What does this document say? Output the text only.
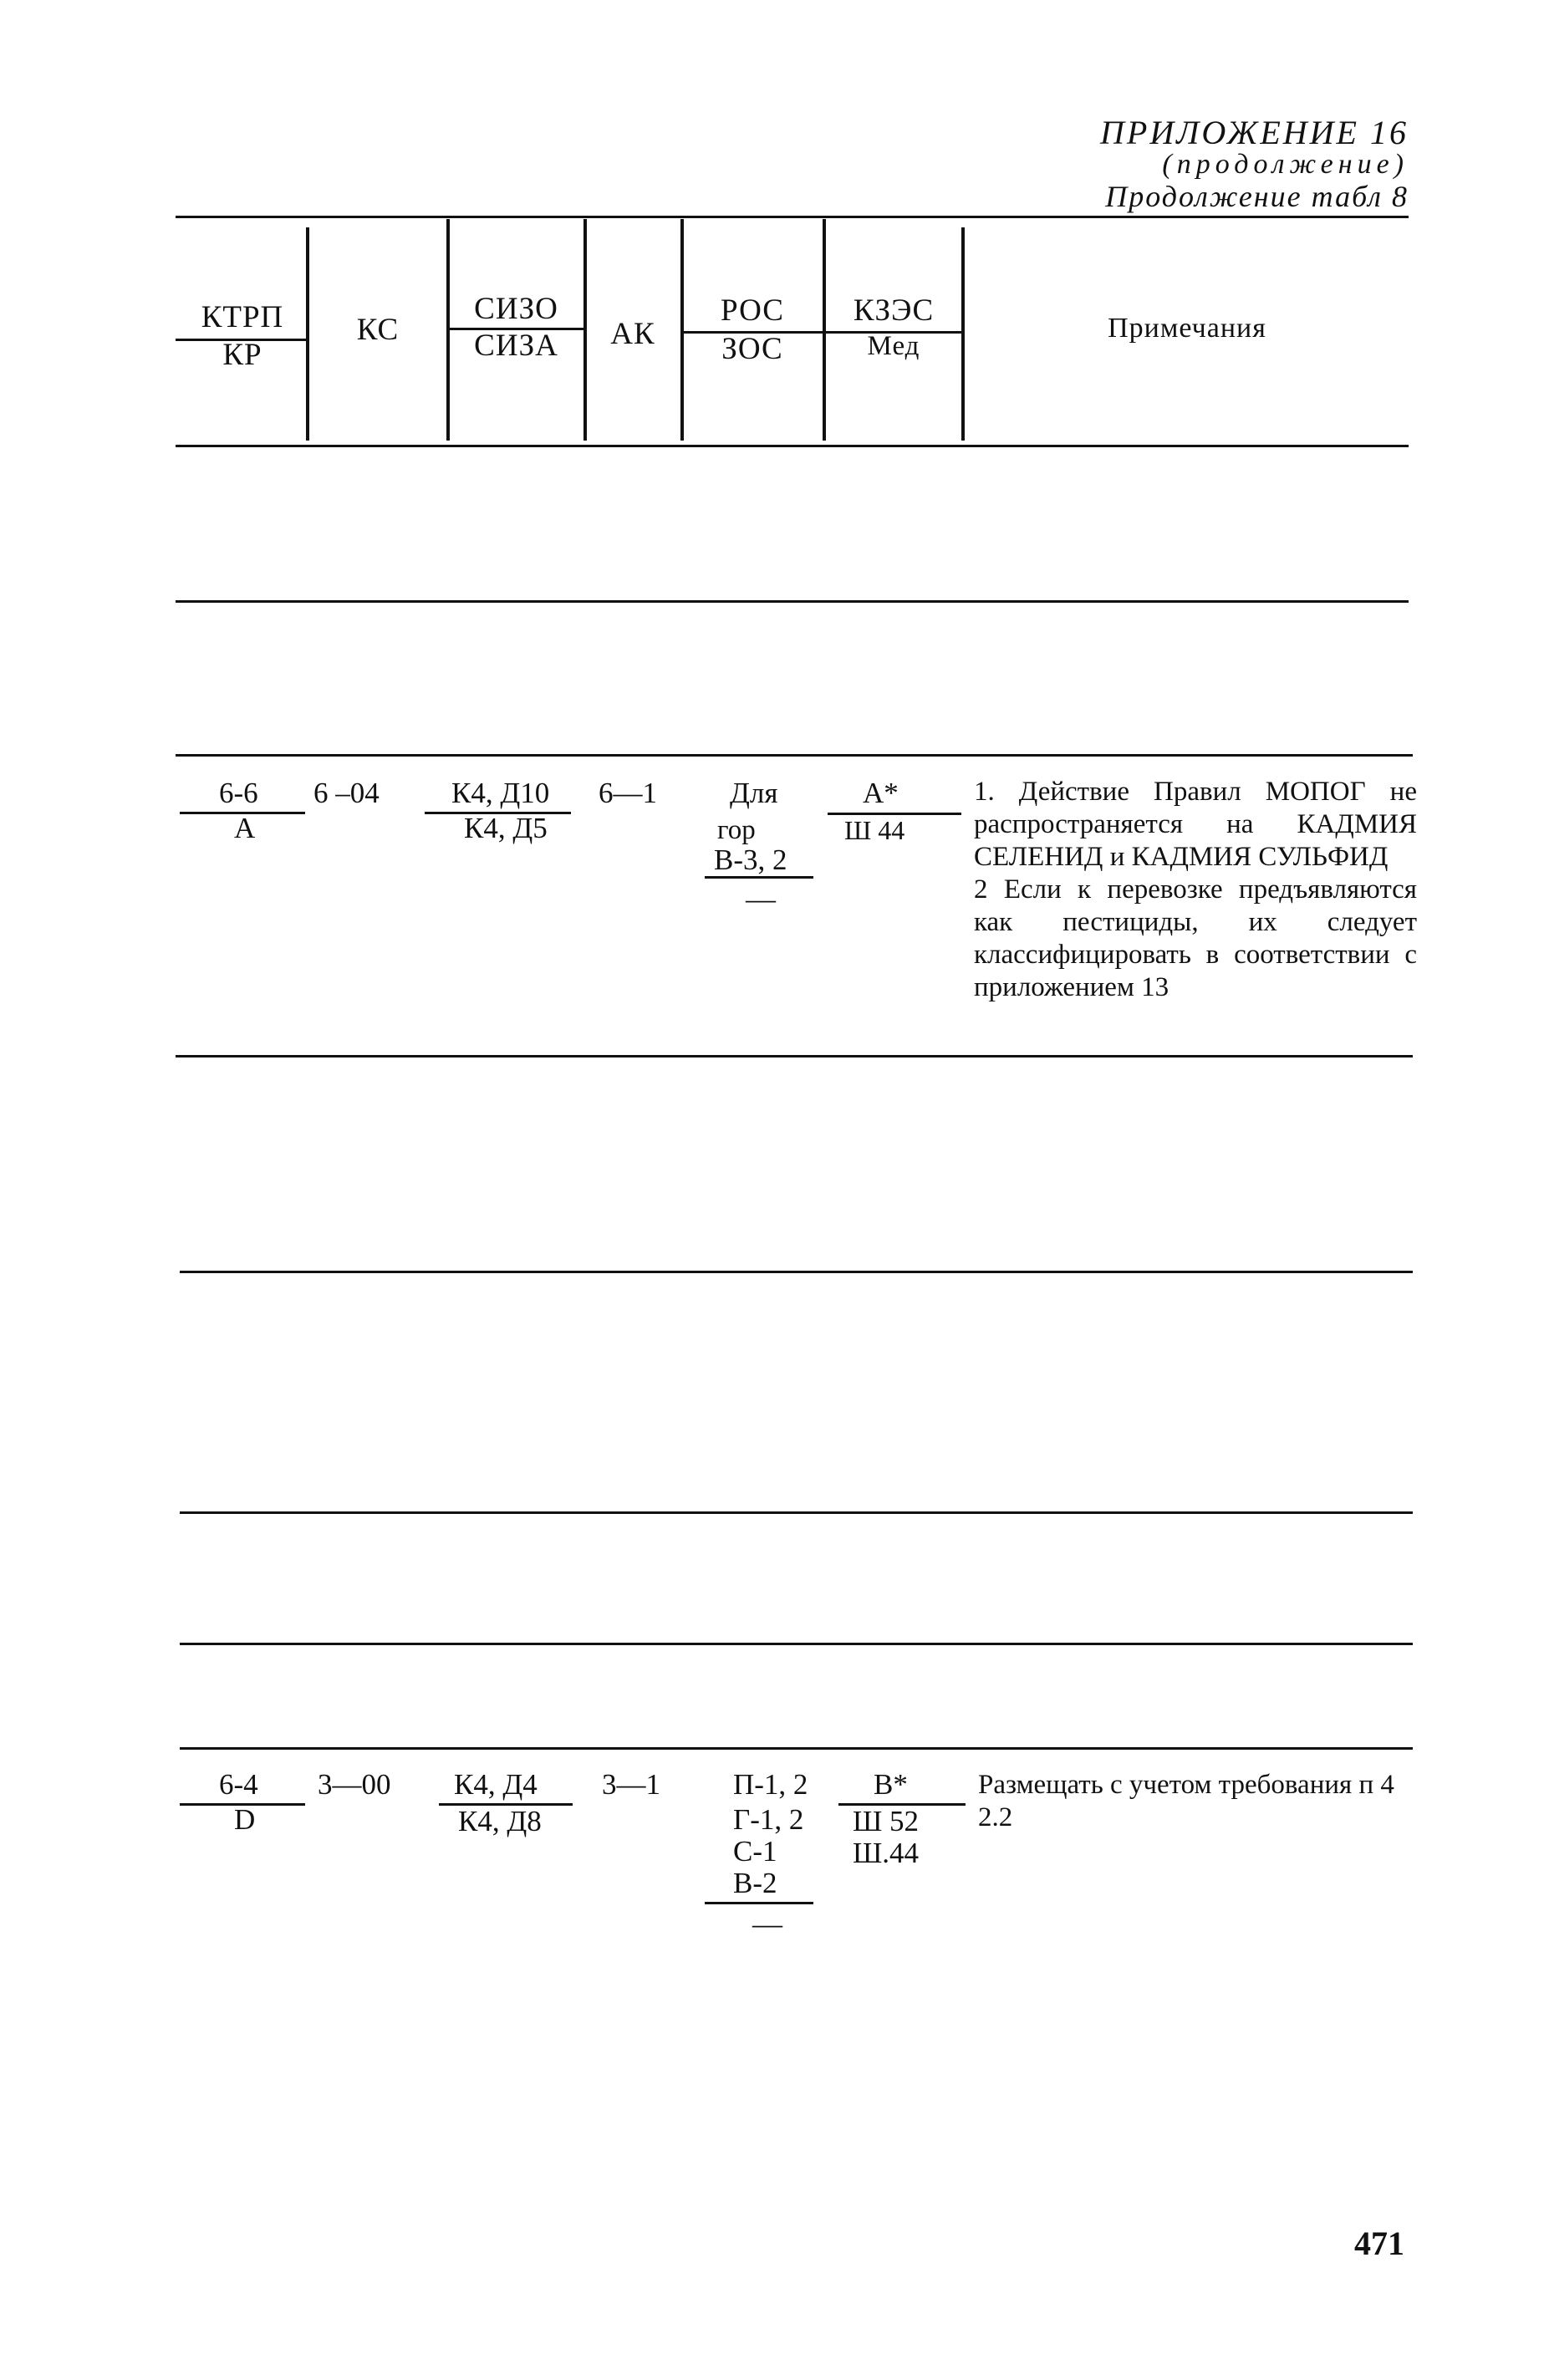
ПРИЛОЖЕНИЕ 16
(продолжение)
Продолжение табл 8
КТРП
КР
КС
СИЗО
СИЗА	АК
РОС
ЗОС
КЗЭС
Мед
Примечания
6-6
А
6 –04 К4, Д10
К4, Д5
6—1 Для
гор
В-3, 2
—
А*
Ш 44

1. Действие Правил МОПОГ не распространяется на КАДМИЯ СЕЛЕНИД и КАДМИЯ СУЛЬФИД

2 Если к перевозке предъявляются как пестициды, их следует классифицировать в соответствии с приложением 13

6-4
D
3—00 К4, Д4
К4, Д8
3—1 П-1, 2
Г-1, 2
С-1
В-2
—
В*
Ш 52
Ш.44

Размещать с учетом требования п 4 2.2

471
